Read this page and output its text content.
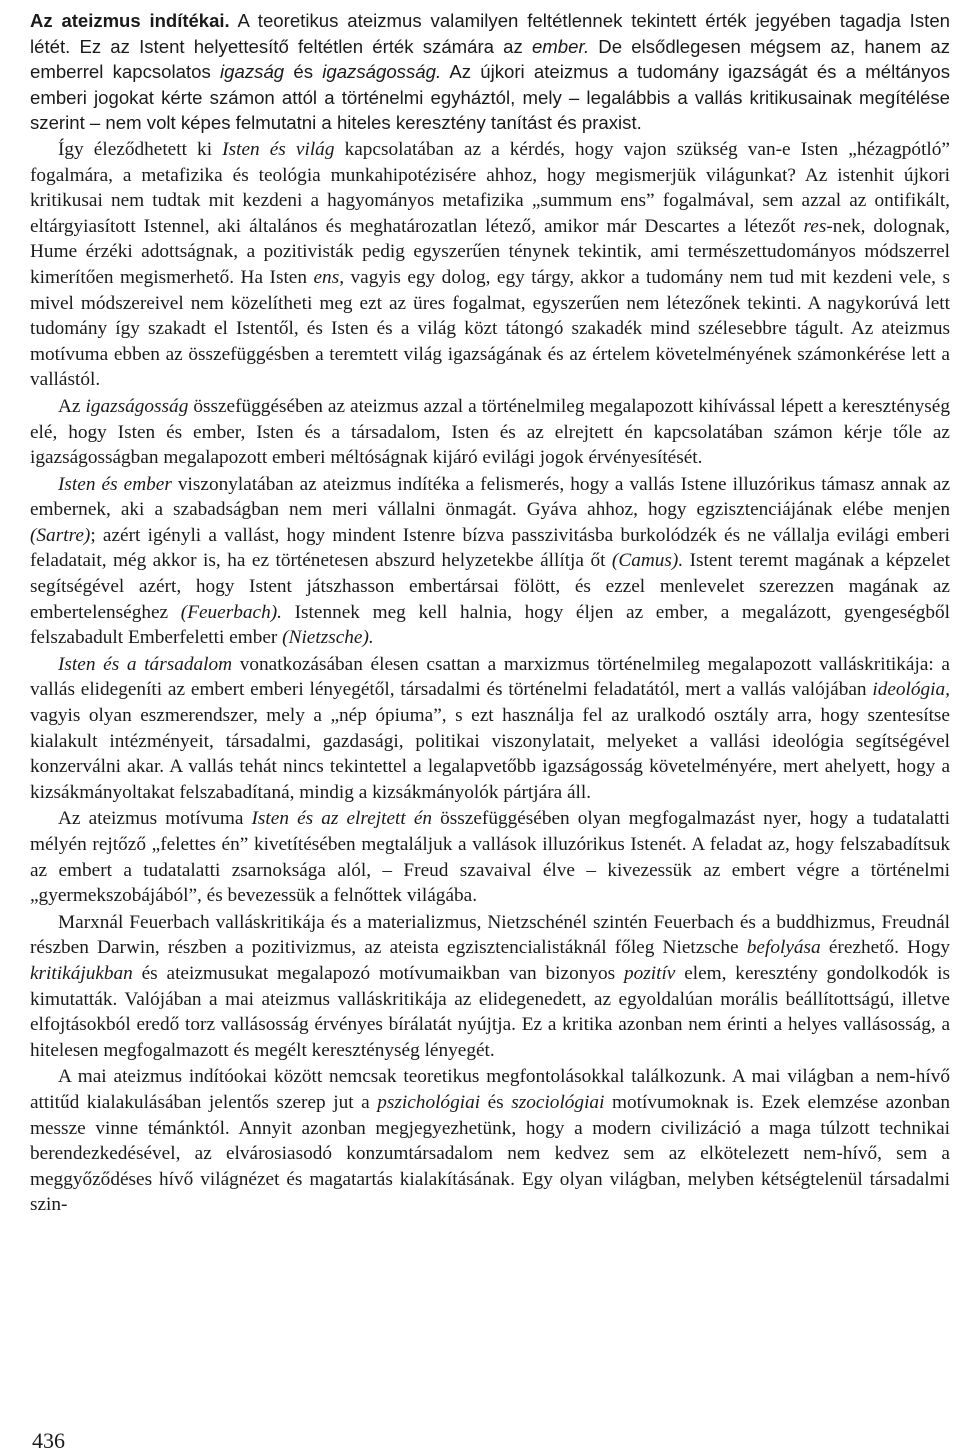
Az ateizmus indítékai. A teoretikus ateizmus valamilyen feltétlennek tekintett érték jegyében tagadja Isten létét. Ez az Istent helyettesítő feltétlen érték számára az ember. De elsődlegesen mégsem az, hanem az emberrel kapcsolatos igazság és igazságosság. Az újkori ateizmus a tudomány igazságát és a méltányos emberi jogokat kérte számon attól a történelmi egyháztól, mely – legalábbis a vallás kritikusainak megítélése szerint – nem volt képes felmutatni a hiteles keresztény tanítást és praxist.

Így éleződhetett ki Isten és világ kapcsolatában az a kérdés, hogy vajon szükség van-e Isten „hézagpótló” fogalmára, a metafizika és teológia munkahipotézisére ahhoz, hogy megismerjük világunkat? Az istenhit újkori kritikusai nem tudtak mit kezdeni a hagyományos metafizika „summum ens” fogalmával, sem azzal az ontifikált, eltárgyiasított Istennel, aki általános és meghatározatlan létező, amikor már Descartes a létezőt res-nek, dolognak, Hume érzéki adottságnak, a pozitivisták pedig egyszerűen ténynek tekintik, ami természettudományos módszerrel kimerítően megismerhető. Ha Isten ens, vagyis egy dolog, egy tárgy, akkor a tudomány nem tud mit kezdeni vele, s mivel módszereivel nem közelítheti meg ezt az üres fogalmat, egyszerűen nem létezőnek tekinti. A nagykorúvá lett tudomány így szakadt el Istentől, és Isten és a világ közt tátongó szakadék mind szélesebbre tágult. Az ateizmus motívuma ebben az összefüggésben a teremtett világ igazságának és az értelem követelményének számonkérése lett a vallástól.

Az igazságosság összefüggésében az ateizmus azzal a történelmileg megalapozott kihívással lépett a kereszténység elé, hogy Isten és ember, Isten és a társadalom, Isten és az elrejtett én kapcsolatában számon kérje tőle az igazságosságban megalapozott emberi méltóságnak kijáró evilági jogok érvényesítését.

Isten és ember viszonylatában az ateizmus indítéka a felismerés, hogy a vallás Istene illuzórikus támasz annak az embernek, aki a szabadságban nem meri vállalni önmagát. Gyáva ahhoz, hogy egzisztenciájának elébe menjen (Sartre); azért igényli a vallást, hogy mindent Istenre bízva passzivitásba burkolódzék és ne vállalja evilági emberi feladatait, még akkor is, ha ez történetesen abszurd helyzetekbe állítja őt (Camus). Istent teremt magának a képzelet segítségével azért, hogy Istent játszhasson embertársai fölött, és ezzel menlevelet szerezzen magának az embertelenséghez (Feuerbach). Istennek meg kell halnia, hogy éljen az ember, a megalázott, gyengeségből felszabadult Emberfeletti ember (Nietzsche).

Isten és a társadalom vonatkozásában élesen csattan a marxizmus történelmileg megalapozott valláskritikája: a vallás elidegeníti az embert emberi lényegétől, társadalmi és történelmi feladatától, mert a vallás valójában ideológia, vagyis olyan eszmerendszer, mely a „nép ópiuma”, s ezt használja fel az uralkodó osztály arra, hogy szentesítse kialakult intézményeit, társadalmi, gazdasági, politikai viszonylatait, melyeket a vallási ideológia segítségével konzerválni akar. A vallás tehát nincs tekintettel a legalapvetőbb igazságosság követelményére, mert ahelyett, hogy a kizsákmányoltakat felszabadítaná, mindig a kizsákmányolók pártjára áll.

Az ateizmus motívuma Isten és az elrejtett én összefüggésében olyan megfogalmazást nyer, hogy a tudatalatti mélyén rejtőző „felettes én” kivetítésében megtaláljuk a vallások illuzórikus Istenét. A feladat az, hogy felszabadítsuk az embert a tudatalatti zsarnoksága alól, – Freud szavaival élve – kivezessük az embert végre a történelmi „gyermekszobájából”, és bevezessük a felnőttek világába.

Marxnál Feuerbach valláskritikája és a materializmus, Nietzschénél szintén Feuerbach és a buddhizmus, Freudnál részben Darwin, részben a pozitivizmus, az ateista egzisztencialistáknál főleg Nietzsche befolyása érezhető. Hogy kritikájukban és ateizmusukat megalapozó motívumaikban van bizonyos pozitív elem, keresztény gondolkodók is kimutatták. Valójában a mai ateizmus valláskritikája az elidegenedett, az egyoldalúan morális beállítottságú, illetve elfojtásokból eredő torz vallásosság érvényes bírálatát nyújtja. Ez a kritika azonban nem érinti a helyes vallásosság, a hitelesen megfogalmazott és megélt kereszténység lényegét.

A mai ateizmus indítóokai között nemcsak teoretikus megfontolásokkal találkozunk. A mai világban a nem-hívő attitűd kialakulásában jelentős szerep jut a pszichológiai és szociológiai motívumoknak is. Ezek elemzése azonban messze vinne témánktól. Annyit azonban megjegyezhetünk, hogy a modern civilizáció a maga túlzott technikai berendezkedésével, az elvárosiasodó konzumtársadalom nem kedvez sem az elkötelezett nem-hívő, sem a meggyőződéses hívő világnézet és magatartás kialakításának. Egy olyan világban, melyben kétségtelenül társadalmi szin-

436
